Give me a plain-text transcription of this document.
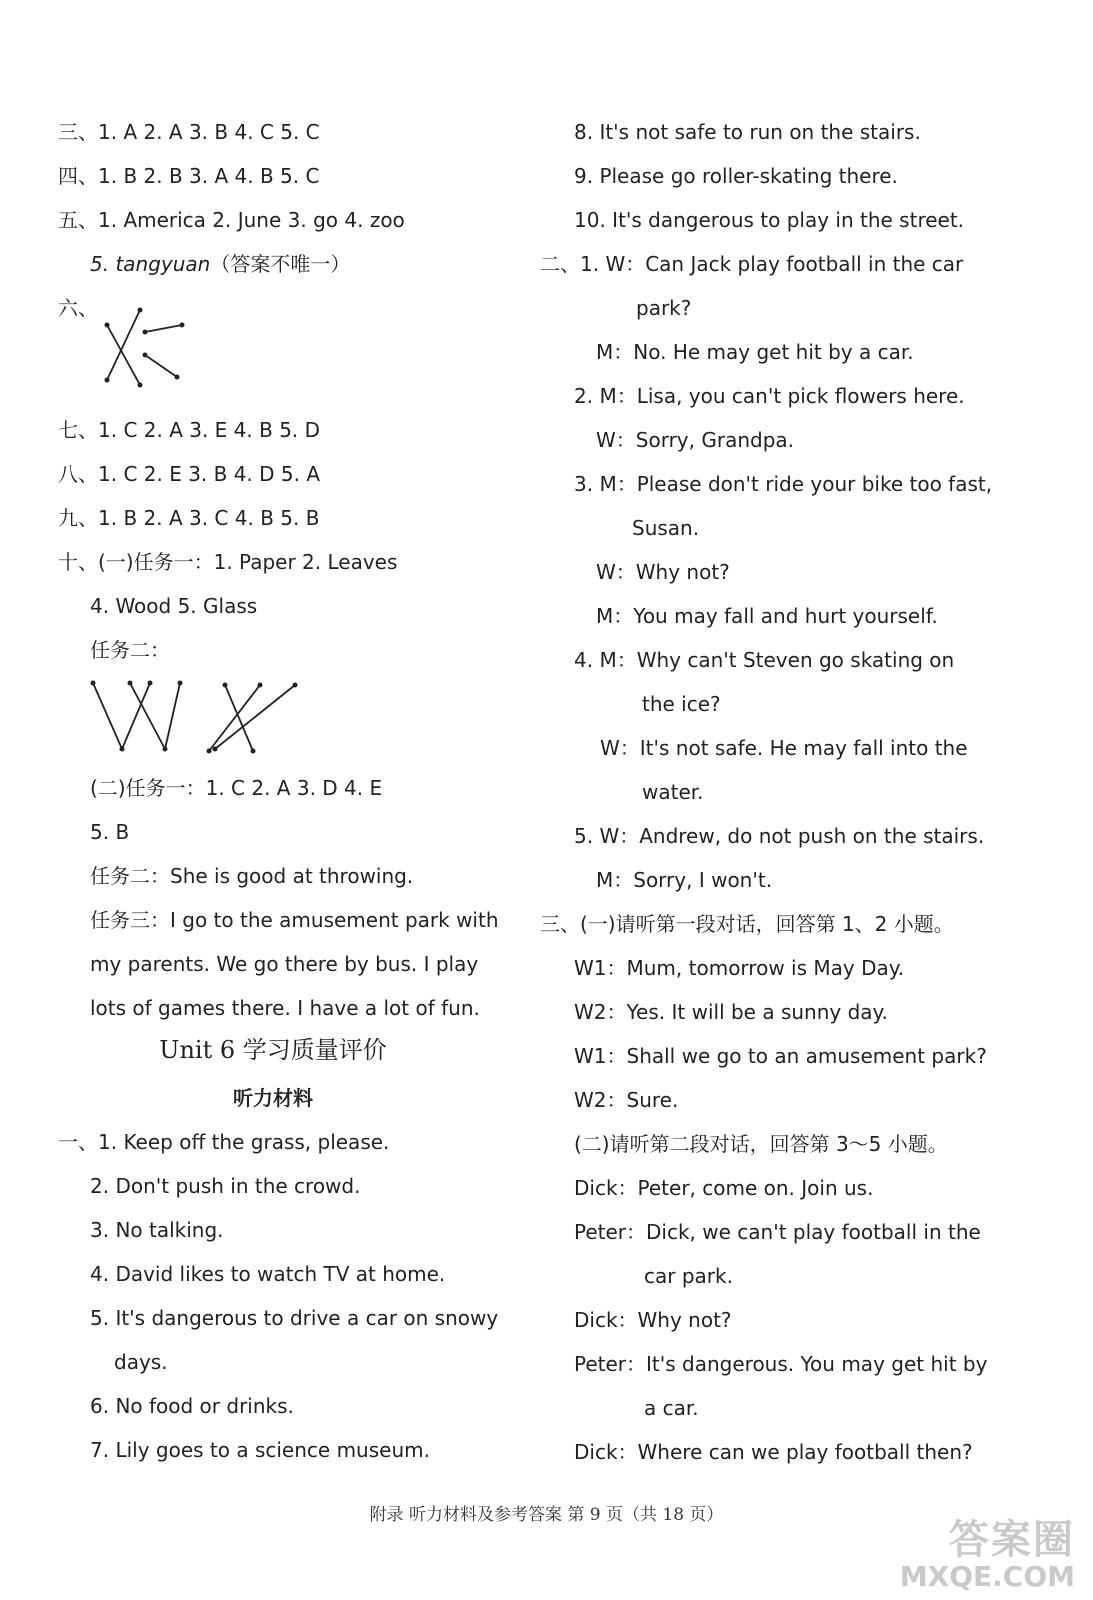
三、1. A 2. A 3. B 4. C 5. C
四、1. B 2. B 3. A 4. B 5. C
五、1. America 2. June 3. go 4. zoo
5. tangyuan（答案不唯一）
六、
七、1. C 2. A 3. E 4. B 5. D
八、1. C 2. E 3. B 4. D 5. A
九、1. B 2. A 3. C 4. B 5. B
十、(一)任务一：1. Paper 2. Leaves
4. Wood 5. Glass
任务二：
(二)任务一：1. C 2. A 3. D 4. E
5. B
任务二：She is good at throwing.
任务三：I go to the amusement park with
my parents. We go there by bus. I play
lots of games there. I have a lot of fun.
Unit 6 学习质量评价
听力材料
一、1. Keep off the grass, please.
2. Don't push in the crowd.
3. No talking.
4. David likes to watch TV at home.
5. It's dangerous to drive a car on snowy
days.
6. No food or drinks.
7. Lily goes to a science museum.
8. It's not safe to run on the stairs.
9. Please go roller-skating there.
10. It's dangerous to play in the street.
二、1. W：Can Jack play football in the car
park?
M：No. He may get hit by a car.
2. M：Lisa, you can't pick flowers here.
W：Sorry, Grandpa.
3. M：Please don't ride your bike too fast,
Susan.
W：Why not?
M：You may fall and hurt yourself.
4. M：Why can't Steven go skating on
the ice?
W：It's not safe. He may fall into the
water.
5. W：Andrew, do not push on the stairs.
M：Sorry, I won't.
三、(一)请听第一段对话，回答第 1、2 小题。
W1：Mum, tomorrow is May Day.
W2：Yes. It will be a sunny day.
W1：Shall we go to an amusement park?
W2：Sure.
(二)请听第二段对话，回答第 3～5 小题。
Dick：Peter, come on. Join us.
Peter：Dick, we can't play football in the
car park.
Dick：Why not?
Peter：It's dangerous. You may get hit by
a car.
Dick：Where can we play football then?
附录 听力材料及参考答案 第 9 页（共 18 页）
答案圈
MXQE.COM
